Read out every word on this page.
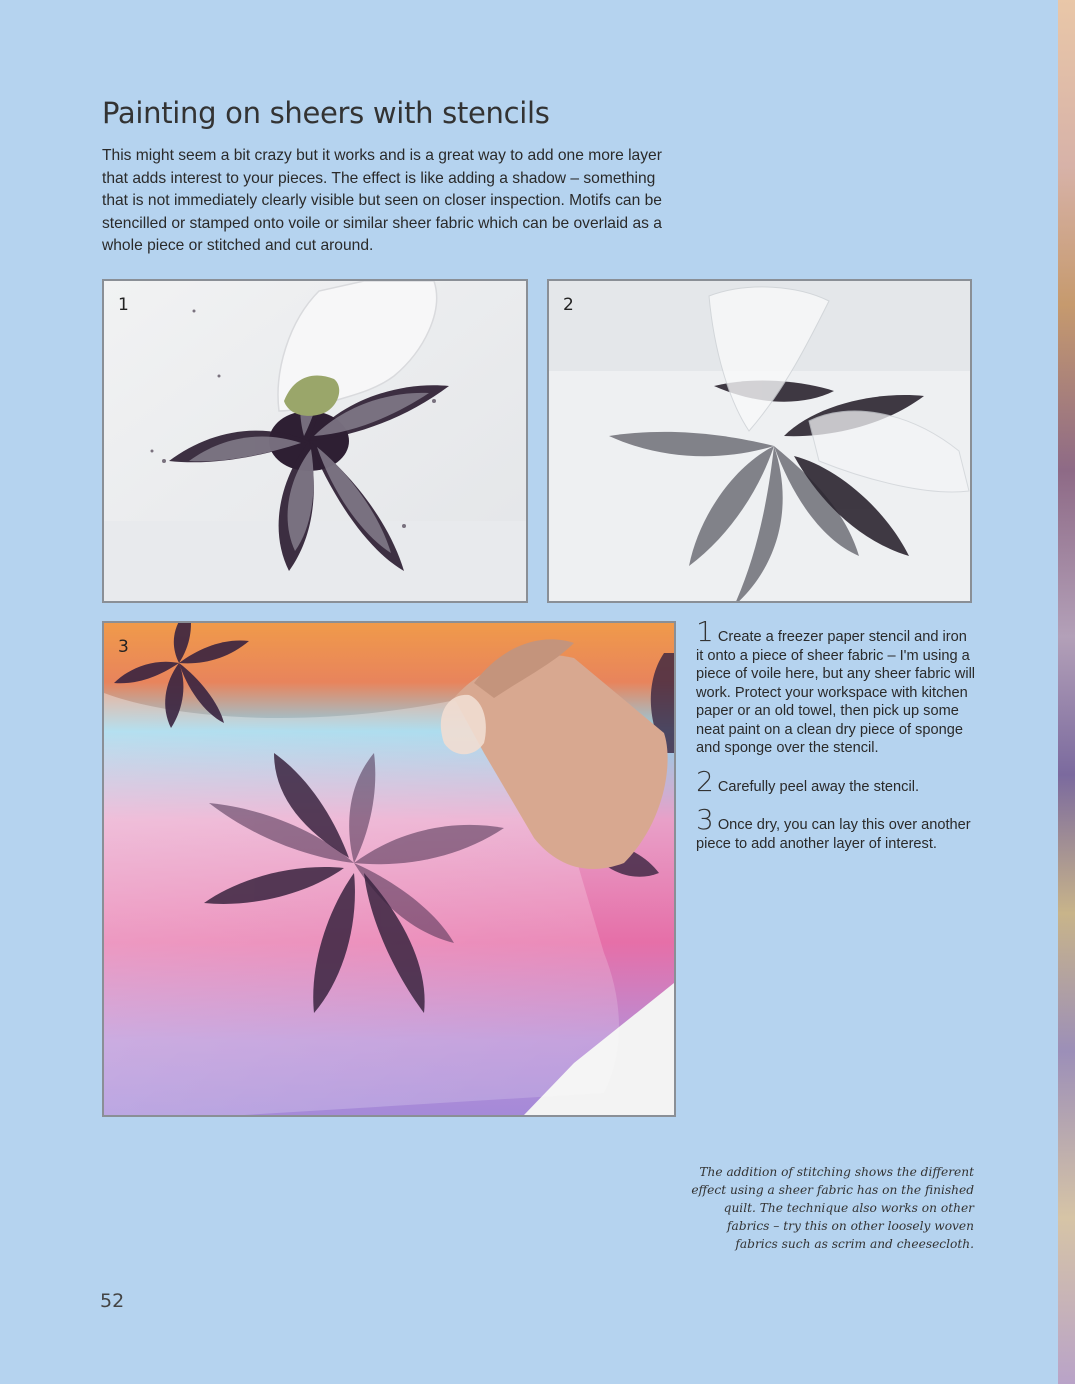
Painting on sheers with stencils

This might seem a bit crazy but it works and is a great way to add one more layer that adds interest to your pieces. The effect is like adding a shadow – something that is not immediately clearly visible but seen on closer inspection. Motifs can be stencilled or stamped onto voile or similar sheer fabric which can be overlaid as a whole piece or stitched and cut around.

1	2
3	1 Create a freezer paper stencil and iron it onto a piece of sheer fabric – I'm using a piece of voile here, but any sheer fabric will work. Protect your workspace with kitchen paper or an old towel, then pick up some neat paint on a clean dry piece of sponge and sponge over the stencil.

2 Carefully peel away the stencil.

3 Once dry, you can lay this over another piece to add another layer of interest.

The addition of stitching shows the different effect using a sheer fabric has on the finished quilt. The technique also works on other fabrics – try this on other loosely woven fabrics such as scrim and cheesecloth.

52
